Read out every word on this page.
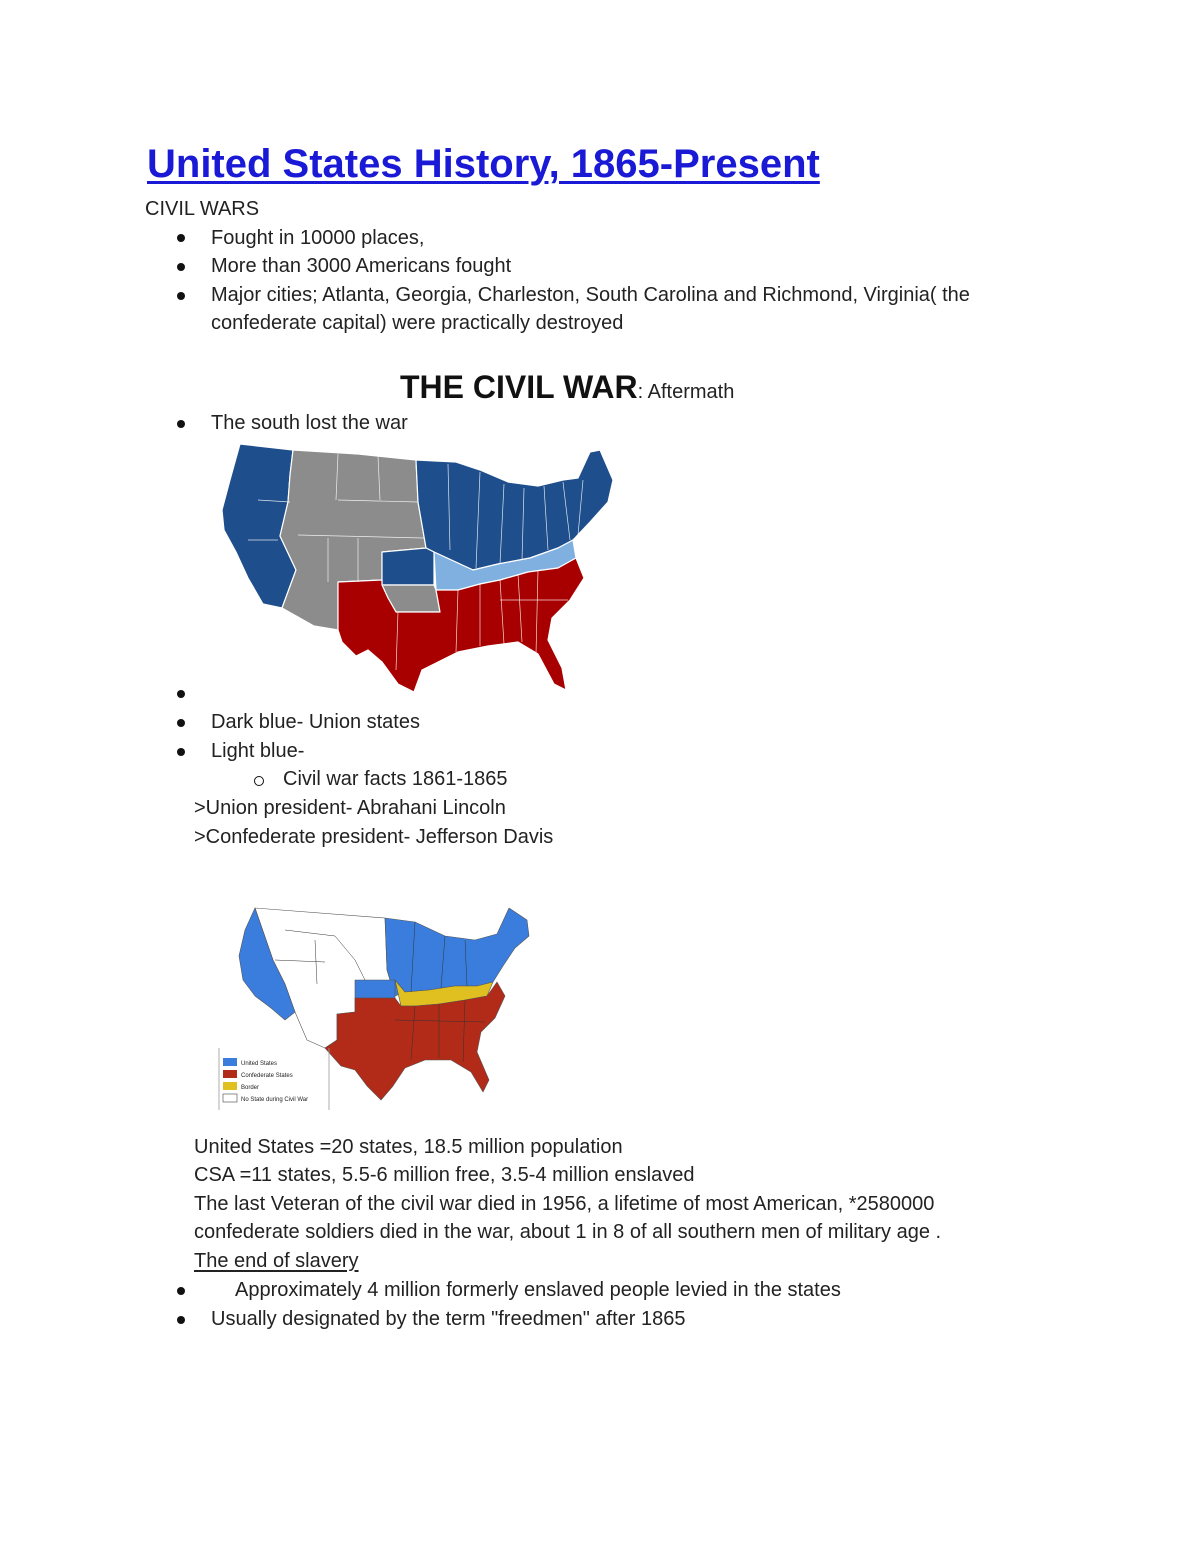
United States History, 1865-Present
CIVIL WARS
Fought in 10000 places,
More than 3000 Americans fought
Major cities; Atlanta, Georgia, Charleston, South Carolina and Richmond, Virginia( the
confederate capital) were practically destroyed
THE CIVIL WAR: Aftermath
The south lost the war
Dark blue- Union states
Light blue-
Civil war facts 1861-1865
>Union president- Abrahani Lincoln
>Confederate president- Jefferson Davis
United States
Confederate States
Border
No State during Civil War
United States =20 states, 18.5 million population
CSA =11 states, 5.5-6 million free, 3.5-4 million enslaved
The last Veteran of the civil war died in 1956, a lifetime of most American, *2580000
confederate soldiers died in the war, about 1 in 8 of all southern men of military age .
The end of slavery
Approximately 4 million formerly enslaved people levied in the states
Usually designated by the term "freedmen" after 1865
